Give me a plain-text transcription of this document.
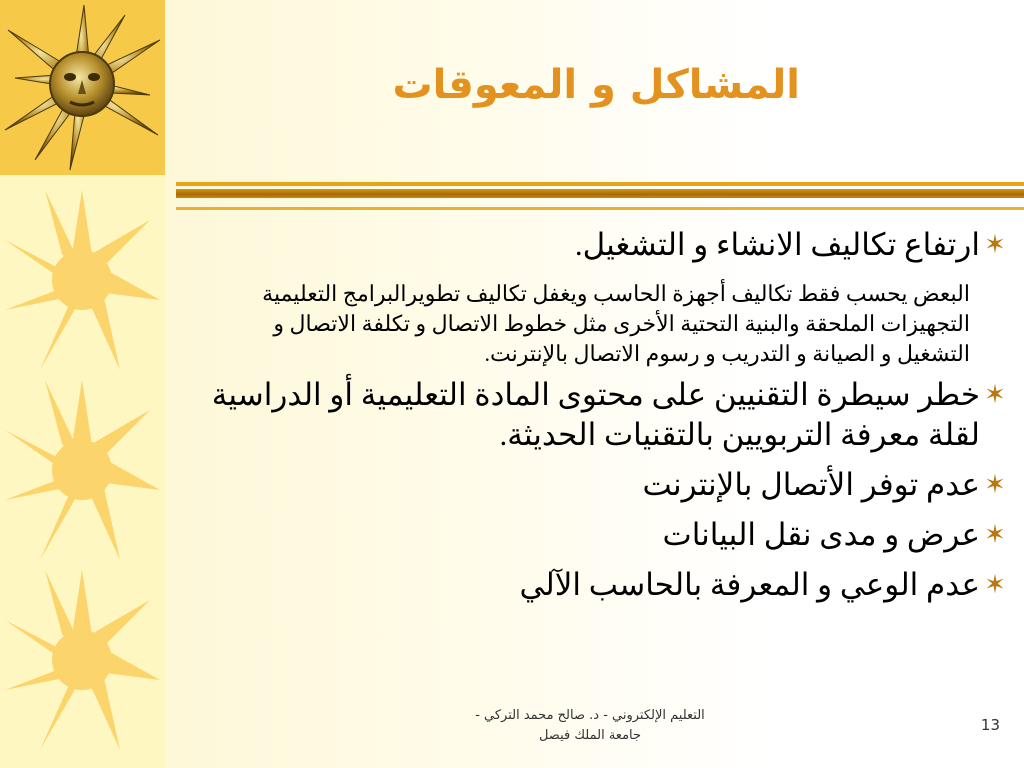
المشاكل و المعوقات
✶
ارتفاع تكاليف الانشاء و التشغيل.
البعض يحسب فقط تكاليف أجهزة الحاسب ويغفل تكاليف تطويرالبرامج التعليمية التجهيزات الملحقة والبنية التحتية الأخرى مثل خطوط الاتصال و تكلفة الاتصال و التشغيل و الصيانة و التدريب و رسوم الاتصال بالإنترنت.
✶
خطر سيطرة التقنيين على محتوى المادة التعليمية أو الدراسية لقلة معرفة التربويين بالتقنيات الحديثة.
✶
عدم توفر الأتصال بالإنترنت
✶
عرض و مدى نقل البيانات
✶
عدم الوعي و المعرفة بالحاسب الآلي
التعليم الإلكتروني - د. صالح محمد التركي -
جامعة الملك فيصل
13
